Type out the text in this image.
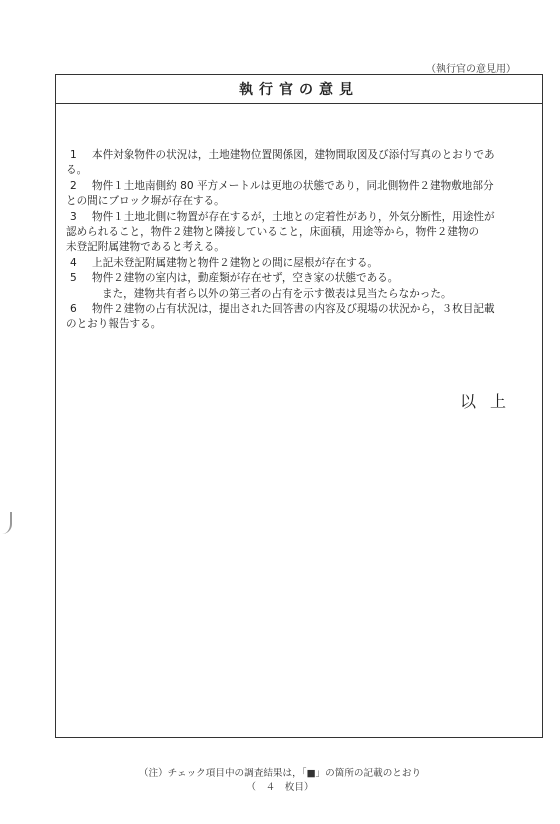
（執行官の意見用）
執行官の意見
1	本件対象物件の状況は，土地建物位置関係図，建物間取図及び添付写真のとおりであ
る。
2	物件１土地南側約 80 平方メートルは更地の状態であり，同北側物件２建物敷地部分
との間にブロック塀が存在する。
3	物件１土地北側に物置が存在するが，土地との定着性があり，外気分断性，用途性が
認められること，物件２建物と隣接していること，床面積，用途等から，物件２建物の
未登記附属建物であると考える。
4	上記未登記附属建物と物件２建物との間に屋根が存在する。
5	物件２建物の室内は，動産類が存在せず，空き家の状態である。
また，建物共有者ら以外の第三者の占有を示す徴表は見当たらなかった。
6	物件２建物の占有状況は，提出された回答書の内容及び現場の状況から，３枚目記載
のとおり報告する。
以上
（注）チェック項目中の調査結果は，「■」の箇所の記載のとおり
（　４　枚目）
